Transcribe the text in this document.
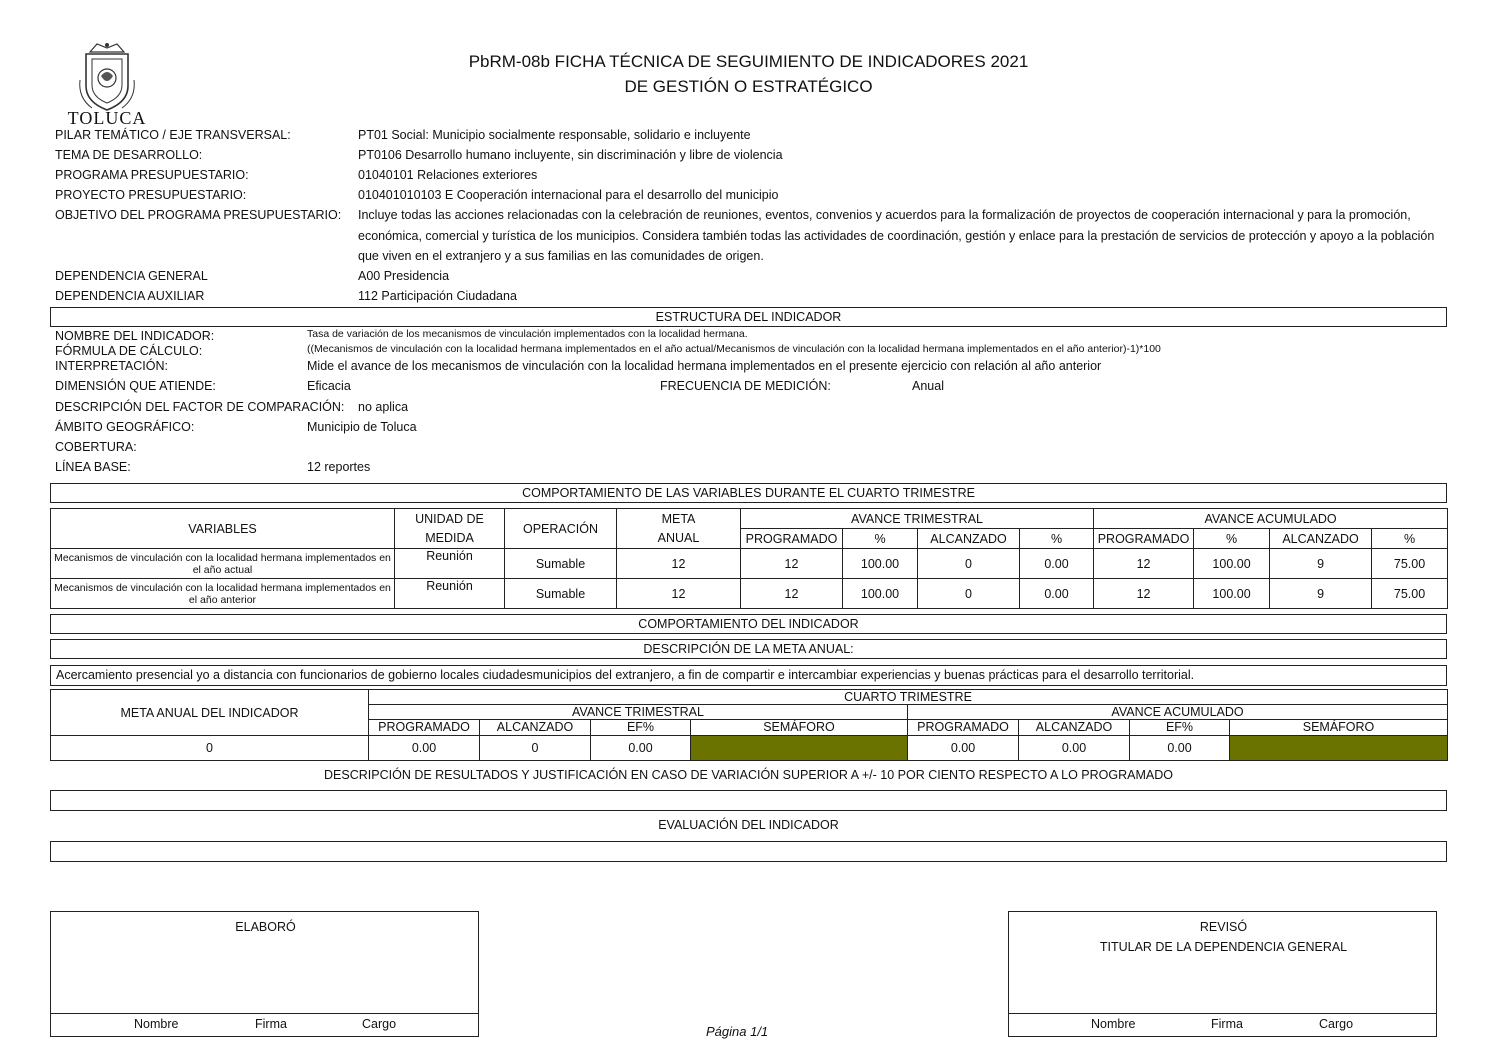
TOLUCA
PbRM-08b FICHA TÉCNICA DE SEGUIMIENTO DE INDICADORES 2021
DE GESTIÓN O ESTRATÉGICO
PILAR TEMÁTICO / EJE TRANSVERSAL:	PT01 Social: Municipio socialmente responsable, solidario e incluyente
TEMA DE DESARROLLO:	PT0106 Desarrollo humano incluyente, sin discriminación y libre de violencia
PROGRAMA PRESUPUESTARIO:	01040101 Relaciones exteriores
PROYECTO PRESUPUESTARIO:	010401010103 E Cooperación internacional para el desarrollo del municipio
OBJETIVO DEL PROGRAMA PRESUPUESTARIO: Incluye todas las acciones relacionadas con la celebración de reuniones, eventos, convenios y acuerdos para la formalización de proyectos de cooperación internacional y para la promoción,
económica, comercial y turística de los municipios. Considera también todas las actividades de coordinación, gestión y enlace para la prestación de servicios de protección y apoyo a la población
que viven en el extranjero y a sus familias en las comunidades de origen.
DEPENDENCIA GENERAL	A00 Presidencia
DEPENDENCIA AUXILIAR	112 Participación Ciudadana
ESTRUCTURA DEL INDICADOR
NOMBRE DEL INDICADOR:	Tasa de variación de los mecanismos de vinculación implementados con la localidad hermana.
FÓRMULA DE CÁLCULO:	((Mecanismos de vinculación con la localidad hermana implementados en el año actual/Mecanismos de vinculación con la localidad hermana implementados en el año anterior)-1)*100
INTERPRETACIÓN:	Mide el avance de los mecanismos de vinculación con la localidad hermana implementados en el presente ejercicio con relación al año anterior
DIMENSIÓN QUE ATIENDE:	Eficacia	FRECUENCIA DE MEDICIÓN:	Anual
DESCRIPCIÓN DEL FACTOR DE COMPARACIÓN: no aplica
ÁMBITO GEOGRÁFICO:	Municipio de Toluca
COBERTURA:
LÍNEA BASE:	12 reportes
COMPORTAMIENTO DE LAS VARIABLES DURANTE EL CUARTO TRIMESTRE
VARIABLES	UNIDAD DE	OPERACIÓN	META	AVANCE TRIMESTRAL				AVANCE ACUMULADO			
	MEDIDA		ANUAL	PROGRAMADO	%	ALCANZADO	%	PROGRAMADO	%	ALCANZADO	%
Mecanismos de vinculación con la localidad hermana implementados en el año actual	Reunión	Sumable	12	12	100.00	0	0.00	12	100.00	9	75.00
Mecanismos de vinculación con la localidad hermana implementados en el año anterior	Reunión	Sumable	12	12	100.00	0	0.00	12	100.00	9	75.00
COMPORTAMIENTO DEL INDICADOR
DESCRIPCIÓN DE LA META ANUAL:
Acercamiento presencial yo a distancia con funcionarios de gobierno locales ciudadesmunicipios del extranjero, a fin de compartir e intercambiar experiencias y buenas prácticas para el desarrollo territorial.
META ANUAL DEL INDICADOR	CUARTO TRIMESTRE							
	AVANCE TRIMESTRAL				AVANCE ACUMULADO			
	PROGRAMADO	ALCANZADO	EF%	SEMÁFORO	PROGRAMADO	ALCANZADO	EF%	SEMÁFORO
0	0.00	0	0.00		0.00	0.00	0.00	
DESCRIPCIÓN DE RESULTADOS Y JUSTIFICACIÓN EN CASO DE VARIACIÓN SUPERIOR A +/- 10 POR CIENTO RESPECTO A LO PROGRAMADO
EVALUACIÓN DEL INDICADOR
ELABORÓ
Nombre	Firma	Cargo
REVISÓ
TITULAR DE LA DEPENDENCIA GENERAL
Nombre	Firma	Cargo
Página 1/1
